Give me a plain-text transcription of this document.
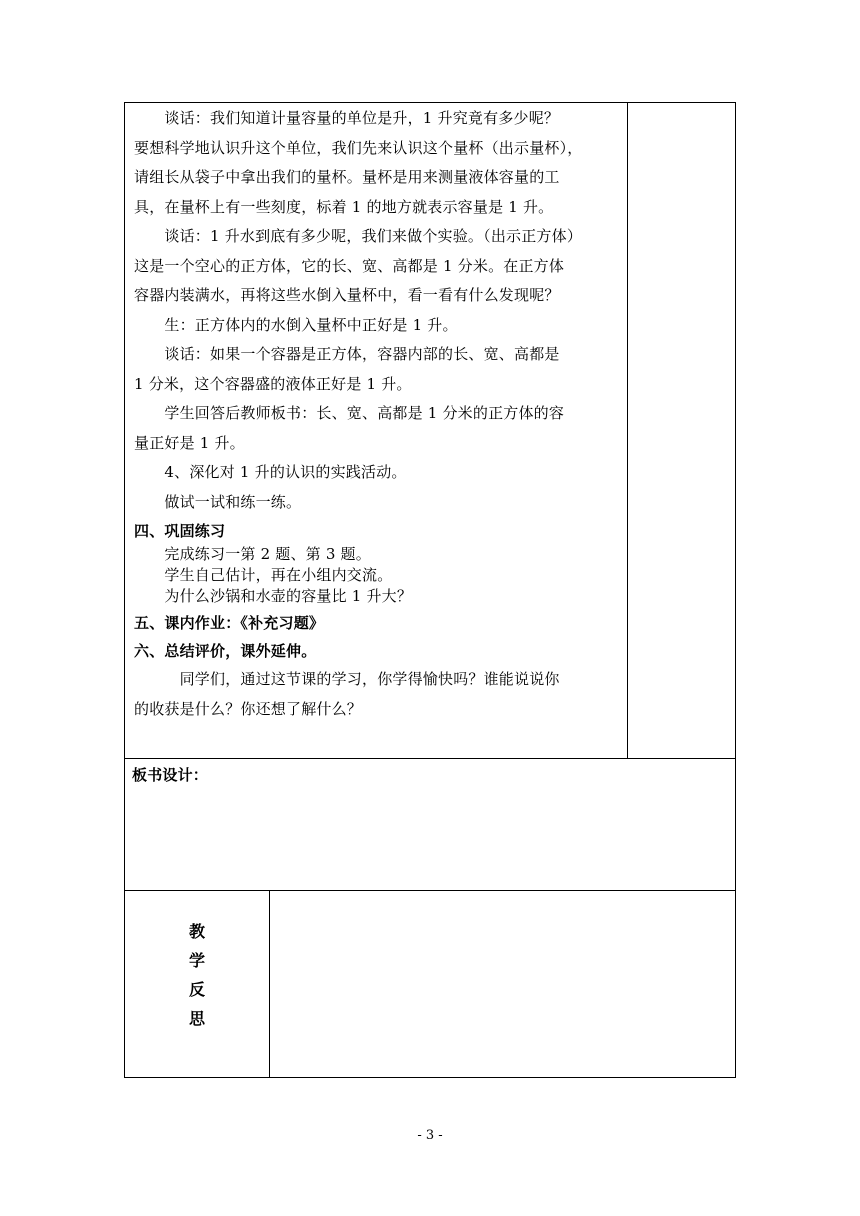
　　谈话：我们知道计量容量的单位是升，1 升究竟有多少呢？
要想科学地认识升这个单位，我们先来认识这个量杯（出示量杯），
请组长从袋子中拿出我们的量杯。量杯是用来测量液体容量的工
具，在量杯上有一些刻度，标着 1 的地方就表示容量是 1 升。
　　谈话：1 升水到底有多少呢，我们来做个实验。（出示正方体）
这是一个空心的正方体，它的长、宽、高都是 1 分米。在正方体
容器内装满水，再将这些水倒入量杯中，看一看有什么发现呢？
　　生：正方体内的水倒入量杯中正好是 1 升。
　　谈话：如果一个容器是正方体，容器内部的长、宽、高都是
1 分米，这个容器盛的液体正好是 1 升。
　　学生回答后教师板书：长、宽、高都是 1 分米的正方体的容
量正好是 1 升。
　　4、深化对 1 升的认识的实践活动。
　　做试一试和练一练。
四、巩固练习
　　完成练习一第 2 题、第 3 题。
　　学生自己估计，再在小组内交流。
　　为什么沙锅和水壶的容量比 1 升大？
五、课内作业：《补充习题》
六、总结评价，课外延伸。
　　　同学们，通过这节课的学习，你学得愉快吗？谁能说说你
的收获是什么？你还想了解什么？
板书设计：
教
学
反
思
- 3 -
